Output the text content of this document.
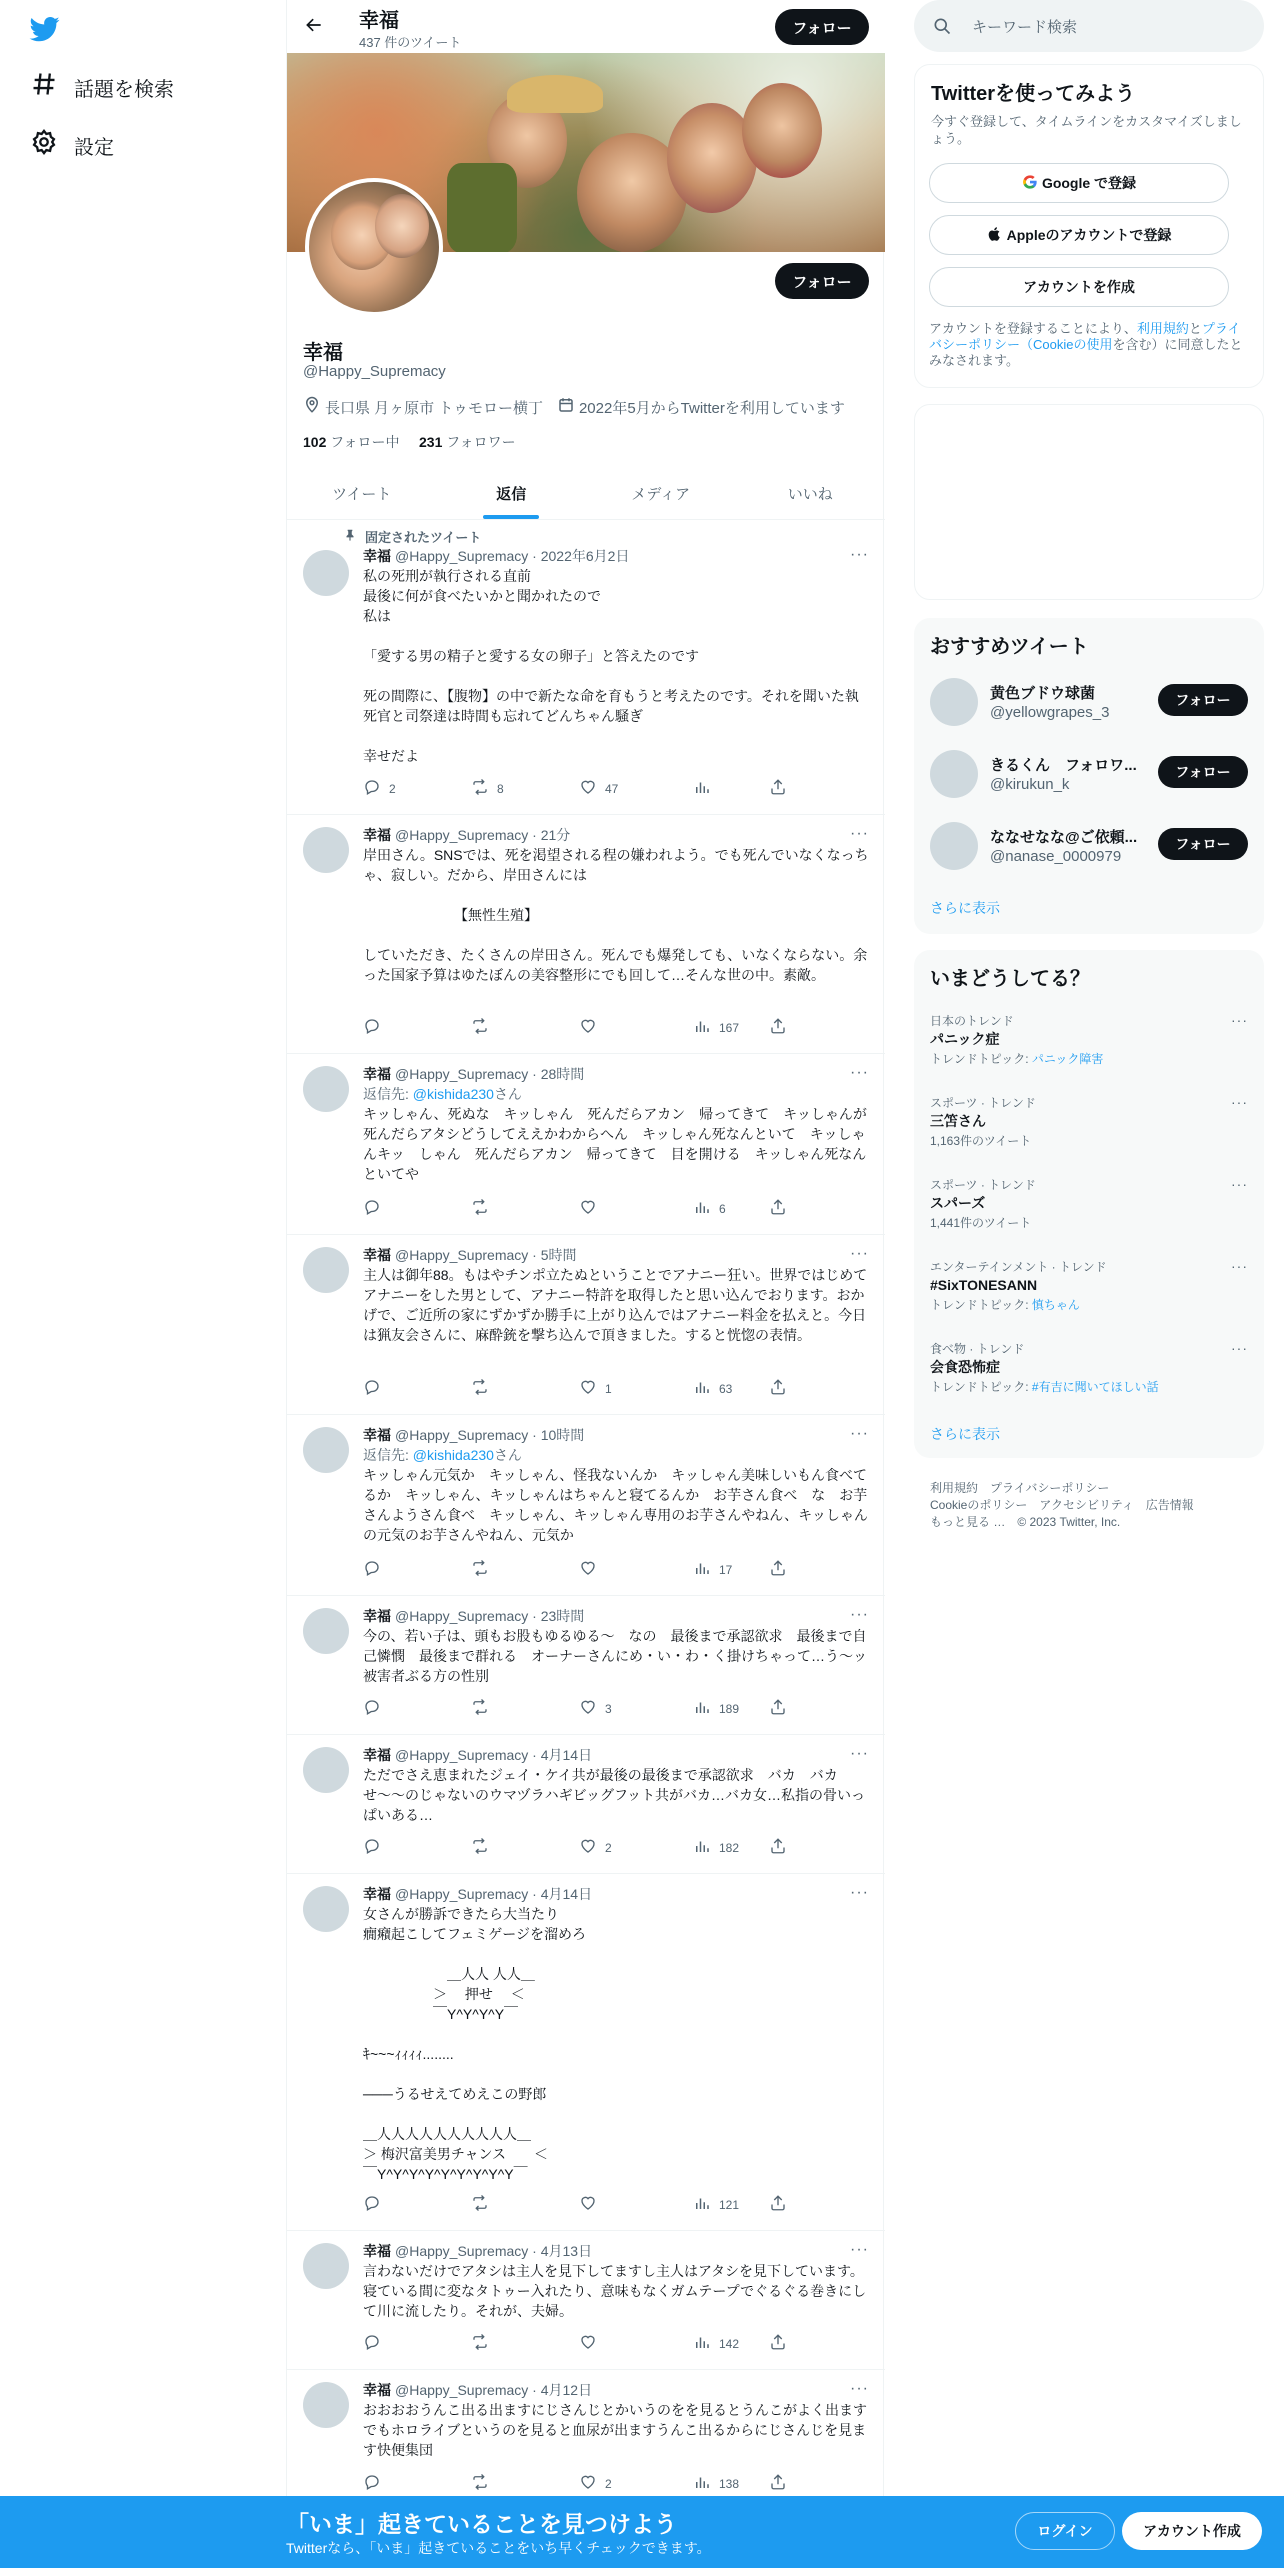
話題を検索
設定
幸福
437 件のツイート
フォロー
フォロー
幸福
@Happy_Supremacy
長口県 月ヶ原市 トゥモロー横丁 2022年5月からTwitterを利用しています
102 フォロー中 231 フォロワー
ツイート	返信	メディア	いいね
固定されたツイート
幸福 @Happy_Supremacy · 2022年6月2日	···
私の死刑が執行される直前
最後に何が食べたいかと聞かれたので
私は

「愛する男の精子と愛する女の卵子」と答えたのです

死の間際に、【腹物】の中で新たな命を育もうと考えたのです。それを聞いた執死官と司祭達は時間も忘れてどんちゃん騒ぎ

幸せだよ
2	8	47
幸福 @Happy_Supremacy · 21分	···
岸田さん。SNSでは、死を渇望される程の嫌われよう。でも死んでいなくなっちゃ、寂しい。だから、岸田さんには

　　　　　　　【無性生殖】

していただき、たくさんの岸田さん。死んでも爆発しても、いなくならない。余った国家予算はゆたぼんの美容整形にでも回して…そんな世の中。素敵。
167
幸福 @Happy_Supremacy · 28時間	···
返信先: @kishida230さん
キッしゃん、死ぬな　キッしゃん　死んだらアカン　帰ってきて　キッしゃんが死んだらアタシどうしてええかわからへん　キッしゃん死なんといて　キッしゃんキッ　しゃん　死んだらアカン　帰ってきて　目を開ける　キッしゃん死なんといてや
6
幸福 @Happy_Supremacy · 5時間	···
主人は御年88。もはやチンポ立たぬということでアナニー狂い。世界ではじめてアナニーをした男として、アナニー特許を取得したと思い込んでおります。おかげで、ご近所の家にずかずか勝手に上がり込んではアナニー料金を払えと。今日は猟友会さんに、麻酔銃を撃ち込んで頂きました。すると恍惚の表情。
1	63
幸福 @Happy_Supremacy · 10時間	···
返信先: @kishida230さん
キッしゃん元気か　キッしゃん、怪我ないんか　キッしゃん美味しいもん食べてるか　キッしゃん、キッしゃんはちゃんと寝てるんか　お芋さん食べ　な　お芋さんようさん食べ　キッしゃん、キッしゃん専用のお芋さんやねん、キッしゃんの元気のお芋さんやねん、元気か
17
幸福 @Happy_Supremacy · 23時間	···
今の、若い子は、頭もお股もゆるゆる〜　なの　最後まで承認欲求　最後まで自己憐憫　最後まで群れる　オーナーさんにめ・い・わ・く掛けちゃって…う〜ッ被害者ぶる方の性別
3	189
幸福 @Happy_Supremacy · 4月14日	···
ただでさえ恵まれたジェイ・ケイ共が最後の最後まで承認欲求　バカ　バカ　せ〜〜のじゃないのウマヅラハギビッグフット共がバカ…バカ女…私指の骨いっぱいある…
2	182
幸福 @Happy_Supremacy · 4月14日	···
女さんが勝訴できたら大当たり
癇癪起こしてフェミゲージを溜めろ

　　　　　　＿人人 人人＿
　　　　　＞　 押せ　 ＜
　　　　　￣Y^Y^Y^Y￣

ｷ~~~ｨｨｨｨ........

───うるせえてめえこの野郎

＿人人人人人人人人人人＿
＞ 梅沢富美男チャンス　　＜
￣Y^Y^Y^Y^Y^Y^Y^Y^Y￣
121
幸福 @Happy_Supremacy · 4月13日	···
言わないだけでアタシは主人を見下してますし主人はアタシを見下しています。寝ている間に変なタトゥー入れたり、意味もなくガムテープでぐるぐる巻きにして川に流したり。それが、夫婦。
142
幸福 @Happy_Supremacy · 4月12日	···
おおおおうんこ出る出ますにじさんじとかいうのをを見るとうんこがよく出ますでもホロライブというのを見ると血尿が出ますうんこ出るからにじさんじを見ます快便集団
2	138
キーワード検索
Twitterを使ってみよう
今すぐ登録して、タイムラインをカスタマイズしましょう。
Google で登録
Appleのアカウントで登録
アカウントを作成
アカウントを登録することにより、利用規約とプライバシーポリシー（Cookieの使用を含む）に同意したとみなされます。
おすすめツイート
黄色ブドウ球菌
@yellowgrapes_3
フォロー
きるくん　フォロワ...
@kirukun_k
フォロー
ななせなな@ご依頼...
@nanase_0000979
フォロー
さらに表示
いまどうしてる？
日本のトレンド
パニック症
トレンドトピック: パニック障害
···
スポーツ · トレンド
三笘さん
1,163件のツイート
···
スポーツ · トレンド
スパーズ
1,441件のツイート
···
エンターテインメント · トレンド
#SixTONESANN
トレンドトピック: 慎ちゃん
···
食べ物 · トレンド
会食恐怖症
トレンドトピック: #有吉に聞いてほしい話
···
さらに表示
利用規約　プライバシーポリシー
Cookieのポリシー　アクセシビリティ　広告情報
もっと見る …　© 2023 Twitter, Inc.
「いま」起きていることを見つけよう
Twitterなら、「いま」起きていることをいち早くチェックできます。
ログイン	アカウント作成
